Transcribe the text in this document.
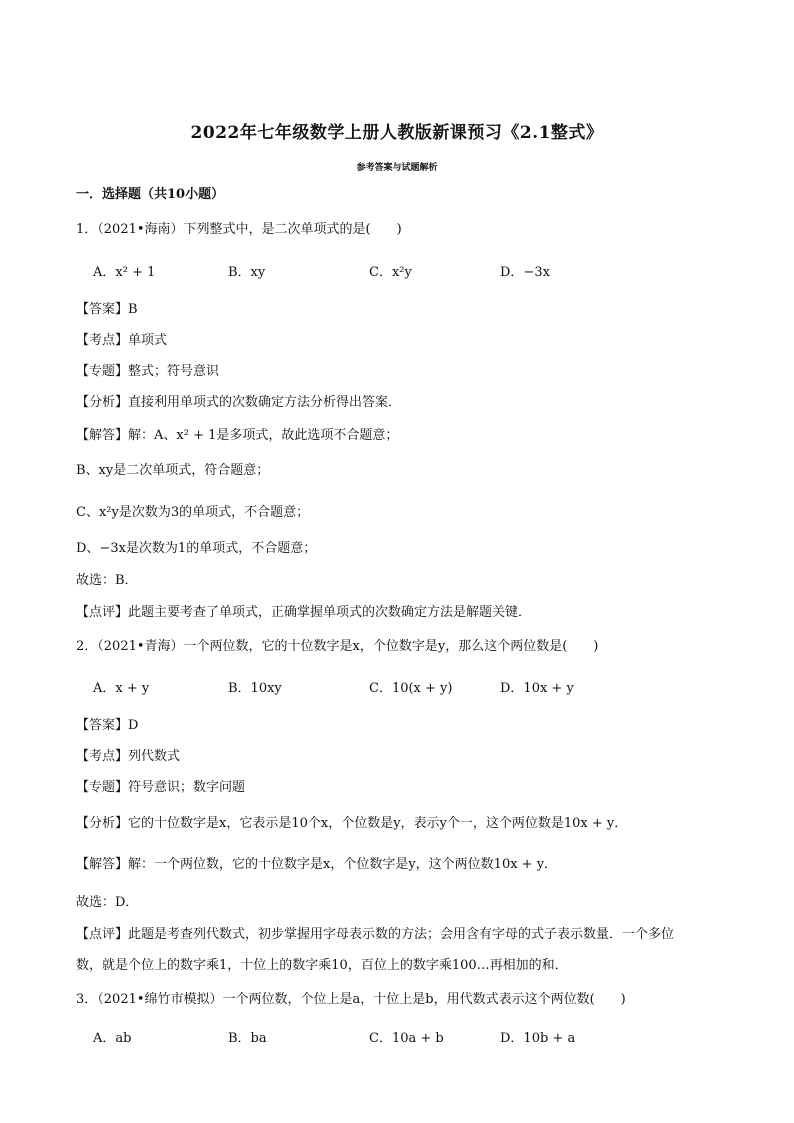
2022年七年级数学上册人教版新课预习《2.1整式》
参考答案与试题解析
一．选择题（共10小题）
1．（2021•海南）下列整式中，是二次单项式的是(　　)
A．x² + 1	B．xy	C．x²y	D．−3x
【答案】B
【考点】单项式
【专题】整式；符号意识
【分析】直接利用单项式的次数确定方法分析得出答案．
【解答】解：A、x² + 1是多项式，故此选项不合题意；
B、xy是二次单项式，符合题意；
C、x²y是次数为3的单项式，不合题意；
D、−3x是次数为1的单项式，不合题意；
故选：B．
【点评】此题主要考查了单项式，正确掌握单项式的次数确定方法是解题关键．
2．（2021•青海）一个两位数，它的十位数字是x，个位数字是y，那么这个两位数是(　　)
A．x + y	B．10xy	C．10(x + y)	D．10x + y
【答案】D
【考点】列代数式
【专题】符号意识；数字问题
【分析】它的十位数字是x，它表示是10个x，个位数是y，表示y个一，这个两位数是10x + y．
【解答】解：一个两位数，它的十位数字是x，个位数字是y，这个两位数10x + y．
故选：D．
【点评】此题是考查列代数式，初步掌握用字母表示数的方法；会用含有字母的式子表示数量．一个多位
数，就是个位上的数字乘1，十位上的数字乘10，百位上的数字乘100…再相加的和．
3．（2021•绵竹市模拟）一个两位数，个位上是a，十位上是b，用代数式表示这个两位数(　　)
A．ab	B．ba	C．10a + b	D．10b + a
